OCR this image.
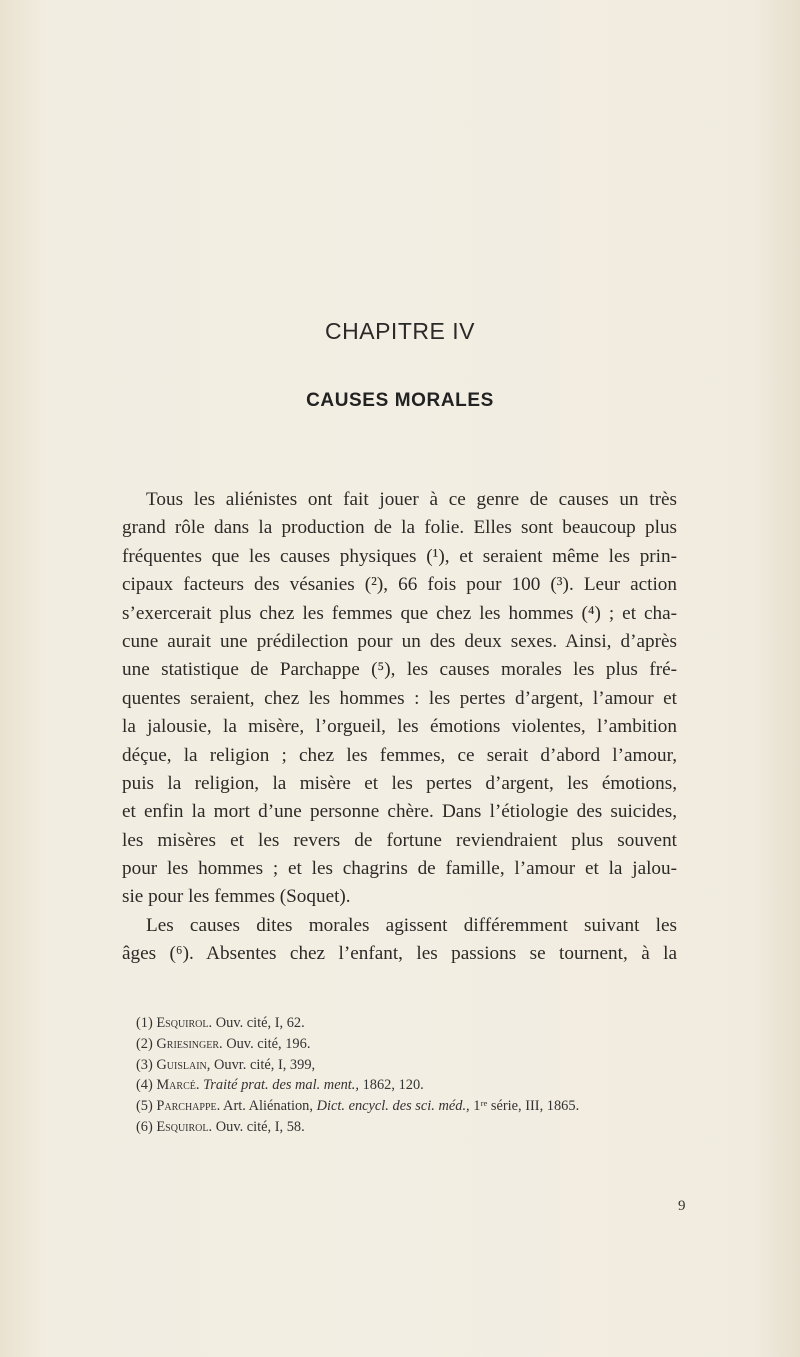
CHAPITRE IV
CAUSES MORALES
Tous les aliénistes ont fait jouer à ce genre de causes un très
grand rôle dans la production de la folie. Elles sont beaucoup plus
fréquentes que les causes physiques (¹), et seraient même les prin-
cipaux facteurs des vésanies (²), 66 fois pour 100 (³). Leur action
s’exercerait plus chez les femmes que chez les hommes (⁴) ; et cha-
cune aurait une prédilection pour un des deux sexes. Ainsi, d’après
une statistique de Parchappe (⁵), les causes morales les plus fré-
quentes seraient, chez les hommes : les pertes d’argent, l’amour et
la jalousie, la misère, l’orgueil, les émotions violentes, l’ambition
déçue, la religion ; chez les femmes, ce serait d’abord l’amour,
puis la religion, la misère et les pertes d’argent, les émotions,
et enfin la mort d’une personne chère. Dans l’étiologie des suicides,
les misères et les revers de fortune reviendraient plus souvent
pour les hommes ; et les chagrins de famille, l’amour et la jalou-
sie pour les femmes (Soquet).
Les causes dites morales agissent différemment suivant les
âges (⁶). Absentes chez l’enfant, les passions se tournent, à la
(1) Esquirol. Ouv. cité, I, 62.
(2) Griesinger. Ouv. cité, 196.
(3) Guislain, Ouvr. cité, I, 399,
(4) Marcé. Traité prat. des mal. ment., 1862, 120.
(5) Parchappe. Art. Aliénation, Dict. encycl. des sci. méd., 1ʳᵉ série, III, 1865.
(6) Esquirol. Ouv. cité, I, 58.
9
